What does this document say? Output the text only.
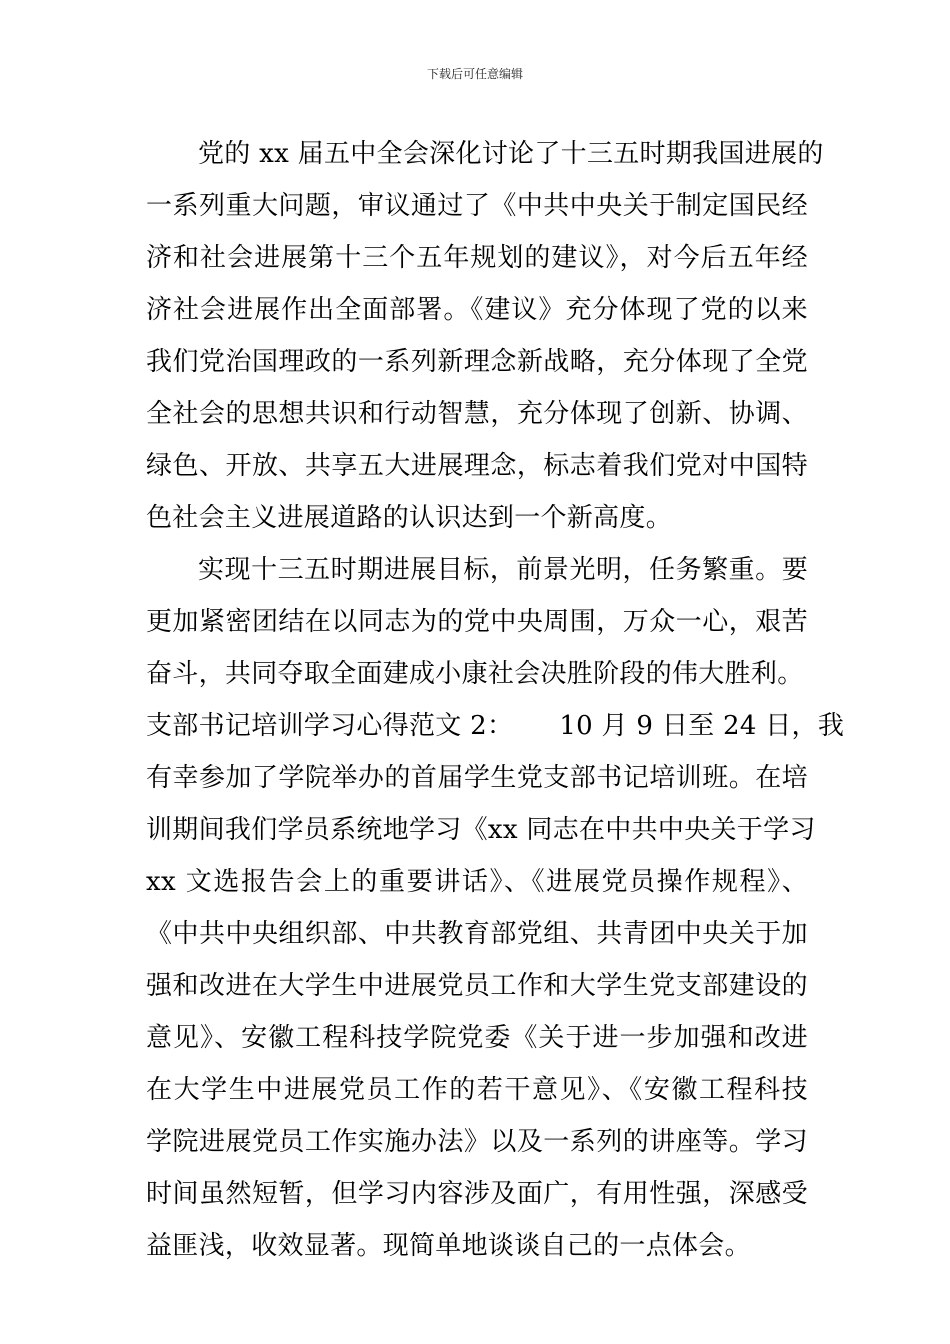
下载后可任意编辑
党的 xx 届五中全会深化讨论了十三五时期我国进展的
一系列重大问题，审议通过了《中共中央关于制定国民经
济和社会进展第十三个五年规划的建议》，对今后五年经
济社会进展作出全面部署。《建议》充分体现了党的以来
我们党治国理政的一系列新理念新战略，充分体现了全党
全社会的思想共识和行动智慧，充分体现了创新、协调、
绿色、开放、共享五大进展理念，标志着我们党对中国特
色社会主义进展道路的认识达到一个新高度。
实现十三五时期进展目标，前景光明，任务繁重。要
更加紧密团结在以同志为的党中央周围，万众一心，艰苦
奋斗，共同夺取全面建成小康社会决胜阶段的伟大胜利。
支部书记培训学习心得范文 2： 10 月 9 日至 24 日，我
有幸参加了学院举办的首届学生党支部书记培训班。在培
训期间我们学员系统地学习《xx 同志在中共中央关于学习
xx 文选报告会上的重要讲话》、《进展党员操作规程》、
《中共中央组织部、中共教育部党组、共青团中央关于加
强和改进在大学生中进展党员工作和大学生党支部建设的
意见》、安徽工程科技学院党委《关于进一步加强和改进
在大学生中进展党员工作的若干意见》、《安徽工程科技
学院进展党员工作实施办法》以及一系列的讲座等。学习
时间虽然短暂，但学习内容涉及面广，有用性强，深感受
益匪浅，收效显著。现简单地谈谈自己的一点体会。
